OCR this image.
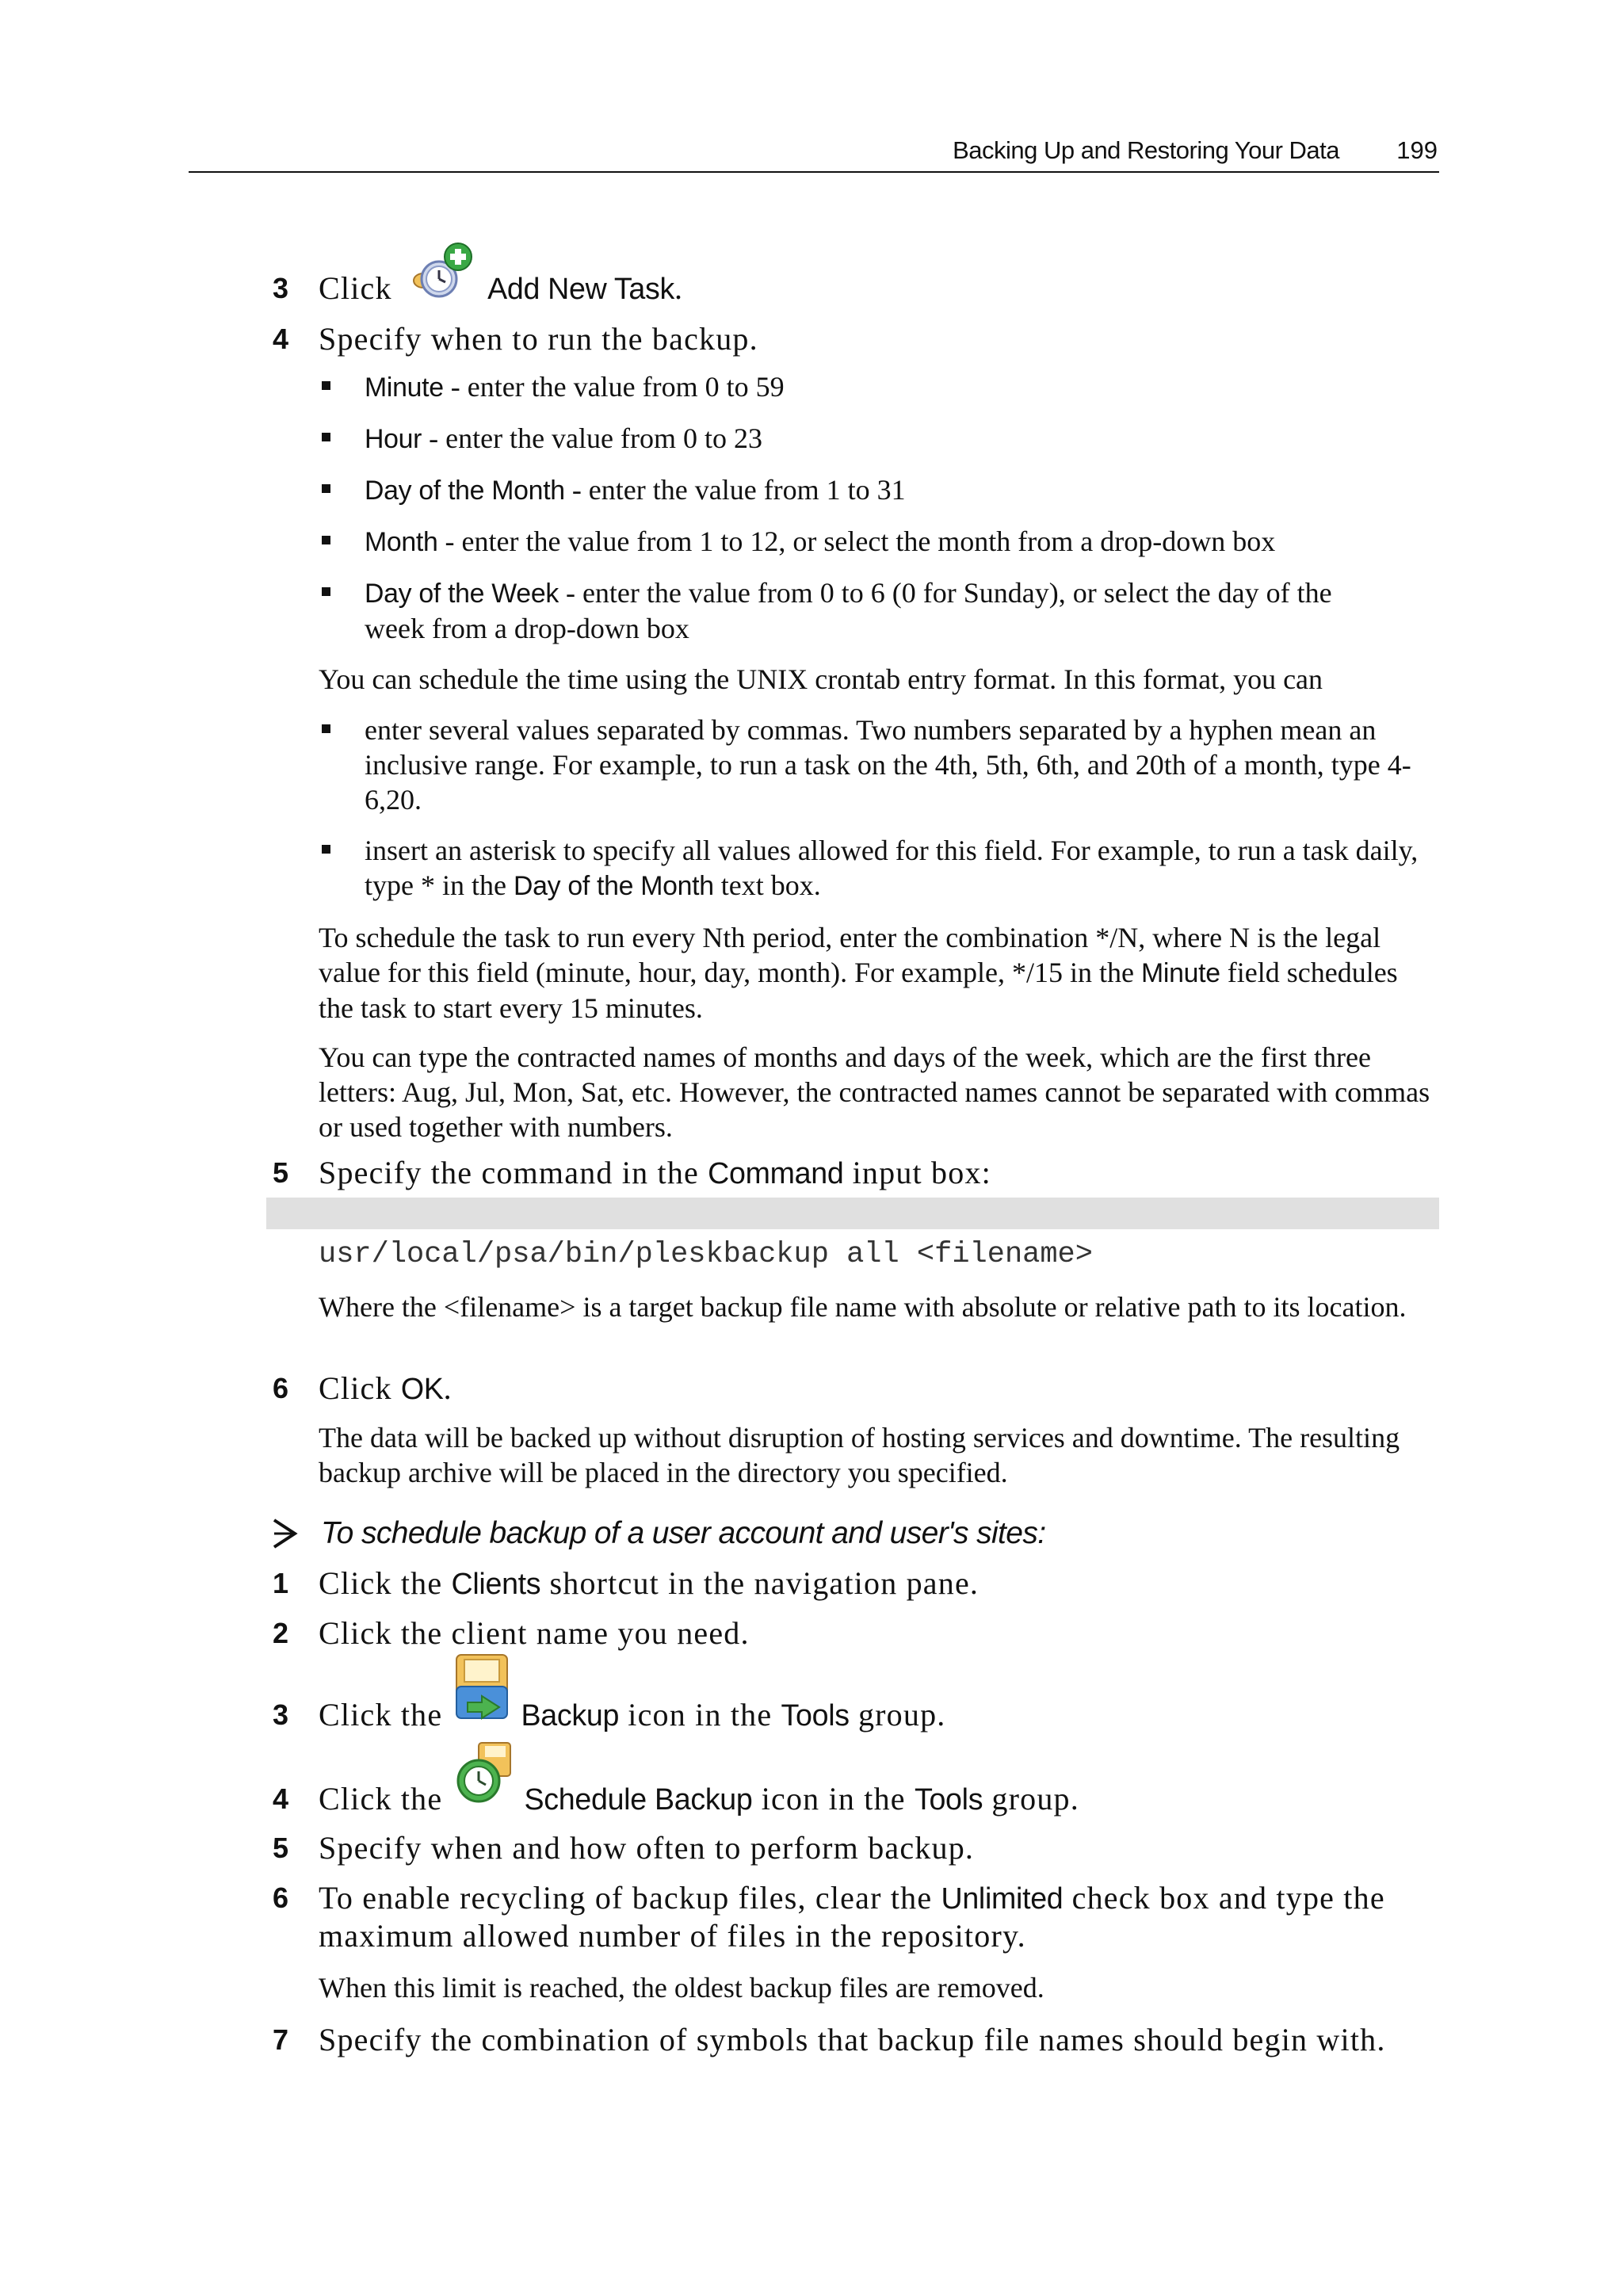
Backing Up and Restoring Your Data 199
3 Click	Add New Task.
4 Specify when to run the backup.
Minute - enter the value from 0 to 59
Hour - enter the value from 0 to 23
Day of the Month - enter the value from 1 to 31
Month - enter the value from 1 to 12, or select the month from a drop-down box
Day of the Week - enter the value from 0 to 6 (0 for Sunday), or select the day of the week from a drop-down box
You can schedule the time using the UNIX crontab entry format. In this format, you can
enter several values separated by commas. Two numbers separated by a hyphen mean an inclusive range. For example, to run a task on the 4th, 5th, 6th, and 20th of a month, type 4-6,20.
insert an asterisk to specify all values allowed for this field. For example, to run a task daily, type * in the Day of the Month text box.
To schedule the task to run every Nth period, enter the combination */N, where N is the legal value for this field (minute, hour, day, month). For example, */15 in the Minute field schedules the task to start every 15 minutes.
You can type the contracted names of months and days of the week, which are the first three letters: Aug, Jul, Mon, Sat, etc. However, the contracted names cannot be separated with commas or used together with numbers.
5 Specify the command in the Command input box:
usr/local/psa/bin/pleskbackup all <filename>
Where the <filename> is a target backup file name with absolute or relative path to its location.
6 Click OK.
The data will be backed up without disruption of hosting services and downtime. The resulting backup archive will be placed in the directory you specified.
To schedule backup of a user account and user's sites:
1 Click the Clients shortcut in the navigation pane.
2 Click the client name you need.
3 Click the Backup icon in the Tools group.
4 Click the Schedule Backup icon in the Tools group.
5 Specify when and how often to perform backup.
6 To enable recycling of backup files, clear the Unlimited check box and type the maximum allowed number of files in the repository.
When this limit is reached, the oldest backup files are removed.
7 Specify the combination of symbols that backup file names should begin with.
